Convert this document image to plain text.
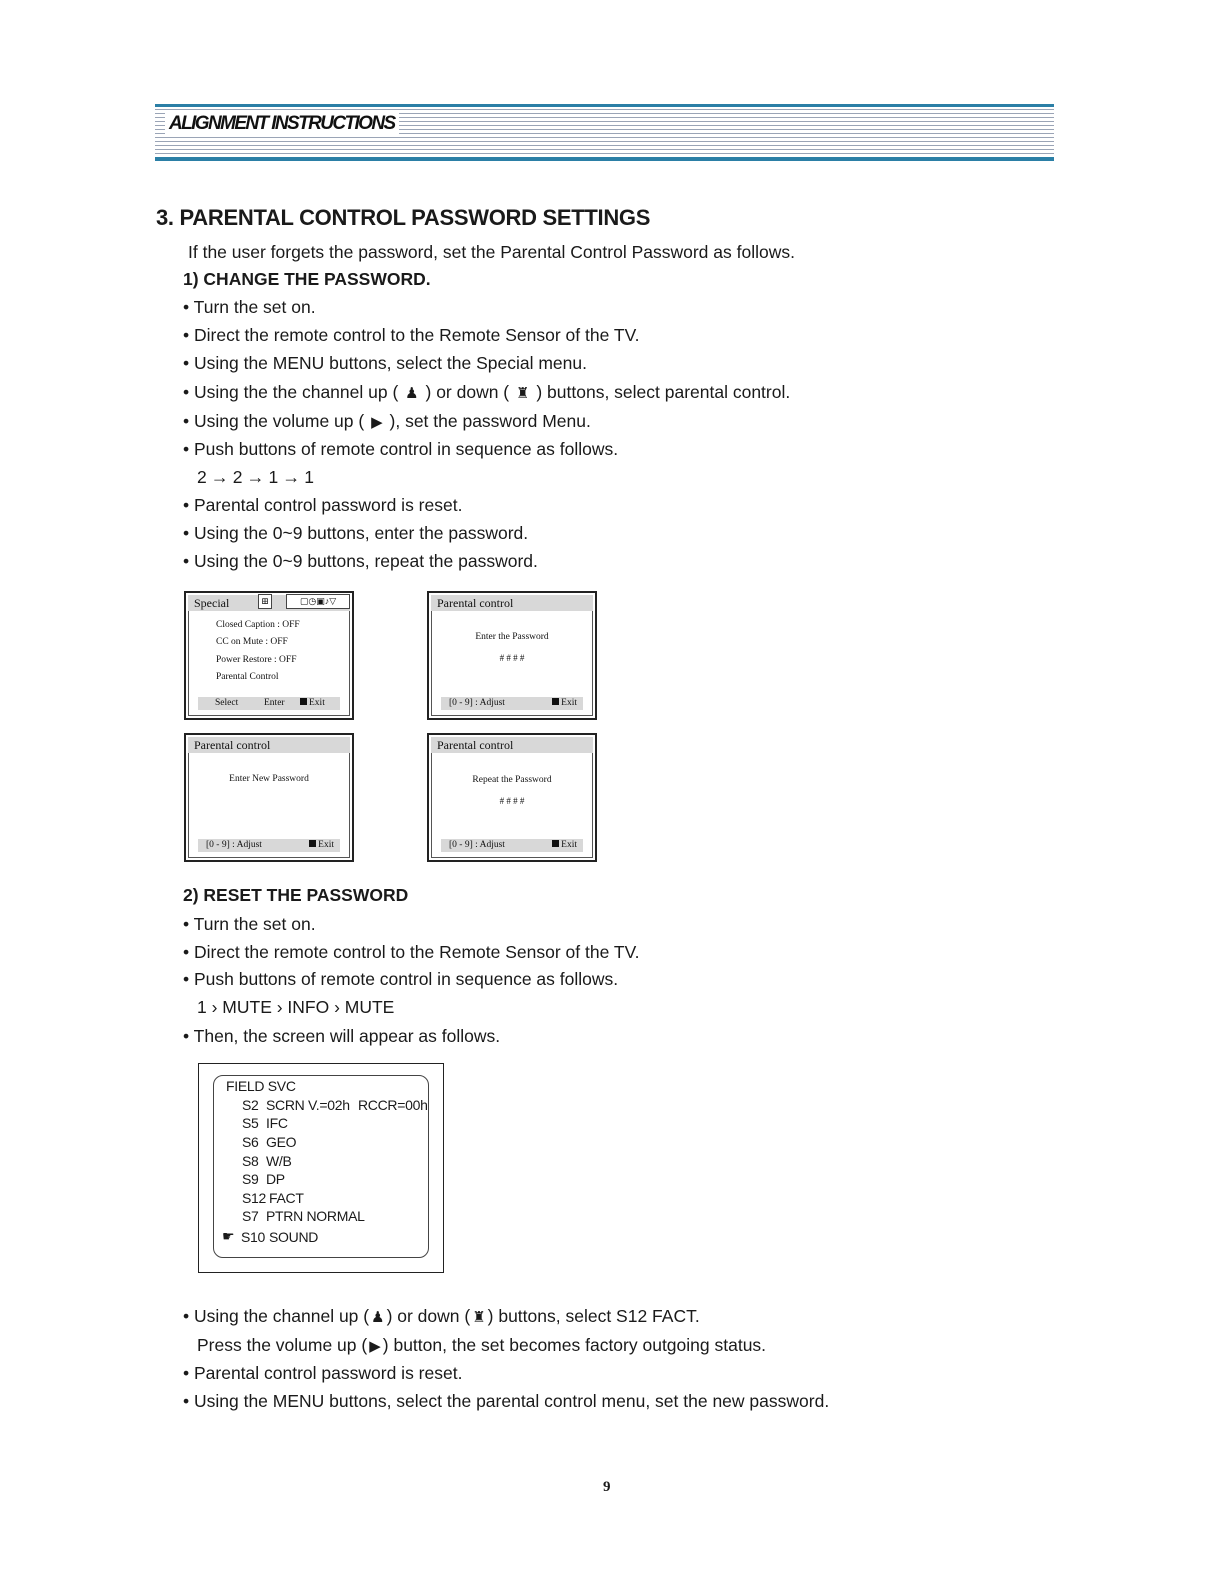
ALIGNMENT INSTRUCTIONS
3. PARENTAL CONTROL PASSWORD SETTINGS
If the user forgets the password, set the Parental Control Password as follows.
1) CHANGE THE PASSWORD.
• Turn the set on.
• Direct the remote control to the Remote Sensor of the TV.
• Using the MENU buttons, select the Special menu.
• Using the the channel up ( ♟ ) or down ( ♜ ) buttons, select parental control.
• Using the volume up ( ▶ ), set the password Menu.
• Push buttons of remote control in sequence as follows.
2 → 2 → 1 → 1
• Parental control password is reset.
• Using the 0~9 buttons, enter the password.
• Using the 0~9 buttons, repeat the password.
Special	⊞	▢◷▣♪▽
Closed Caption : OFF
CC on Mute : OFF
Power Restore : OFF
Parental Control
Select	Enter	Exit
Parental control
Enter the Password
# # # #
[0 - 9] : Adjust	Exit
Parental control
Enter New Password
[0 - 9] : Adjust	Exit
Parental control
Repeat the Password
# # # #
[0 - 9] : Adjust	Exit
2) RESET THE PASSWORD
• Turn the set on.
• Direct the remote control to the Remote Sensor of the TV.
• Push buttons of remote control in sequence as follows.
1 › MUTE › INFO › MUTE
• Then, the screen will appear as follows.
FIELD SVC
S2 SCRN V.=02h RCCR=00h
S5 IFC
S6 GEO
S8 W/B
S9 DP
S12 FACT
S7 PTRN NORMAL
☛ S10 SOUND
• Using the channel up ( ♟ ) or down ( ♜ ) buttons, select S12 FACT.
Press the volume up ( ▶ ) button, the set becomes factory outgoing status.
• Parental control password is reset.
• Using the MENU buttons, select the parental control menu, set the new password.
9
